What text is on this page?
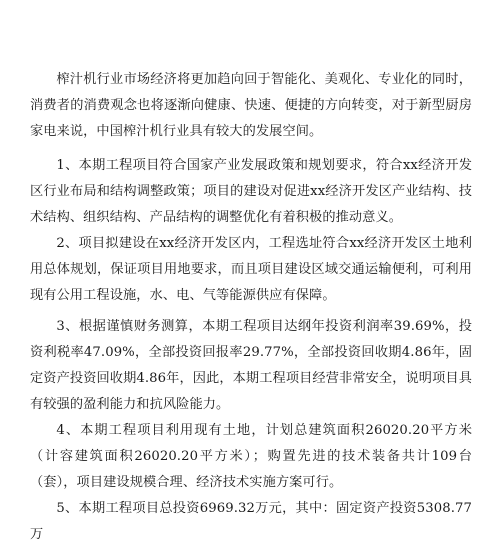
榨汁机行业市场经济将更加趋向回于智能化、美观化、专业化的同时，消费者的消费观念也将逐渐向健康、快速、便捷的方向转变，对于新型厨房家电来说，中国榨汁机行业具有较大的发展空间。

1、本期工程项目符合国家产业发展政策和规划要求，符合xx经济开发区行业布局和结构调整政策；项目的建设对促进xx经济开发区产业结构、技术结构、组织结构、产品结构的调整优化有着积极的推动意义。

2、项目拟建设在xx经济开发区内，工程选址符合xx经济开发区土地利用总体规划，保证项目用地要求，而且项目建设区域交通运输便利，可利用现有公用工程设施，水、电、气等能源供应有保障。

3、根据谨慎财务测算，本期工程项目达纲年投资利润率39.69%，投资利税率47.09%，全部投资回报率29.77%，全部投资回收期4.86年，固定资产投资回收期4.86年，因此，本期工程项目经营非常安全，说明项目具有较强的盈利能力和抗风险能力。

4、本期工程项目利用现有土地，计划总建筑面积26020.20平方米（计容建筑面积26020.20平方米）；购置先进的技术装备共计109台（套），项目建设规模合理、经济技术实施方案可行。

5、本期工程项目总投资6969.32万元，其中：固定资产投资5308.77万
